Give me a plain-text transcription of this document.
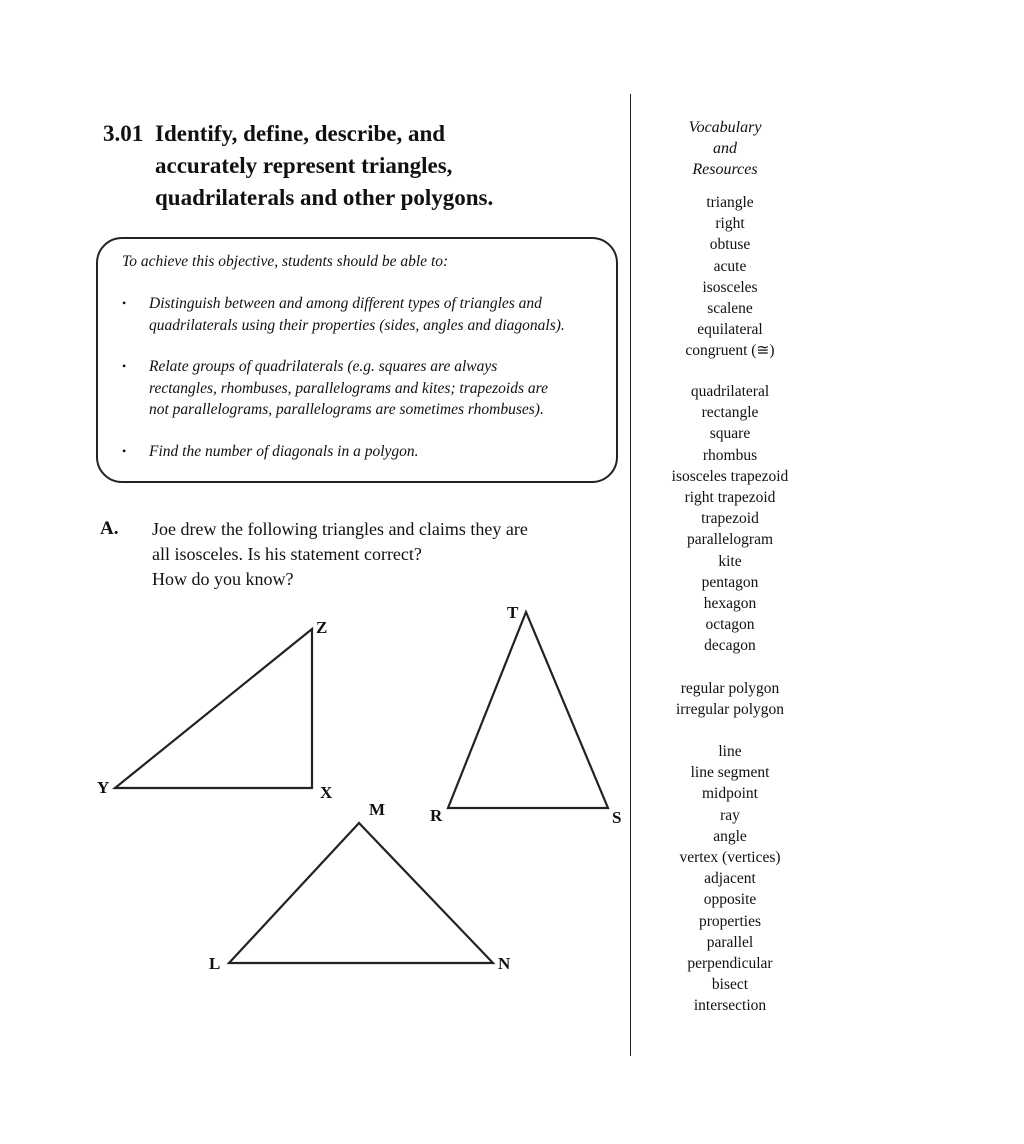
3.01 Identify, define, describe, and
accurately represent triangles,
quadrilaterals and other polygons.

To achieve this objective, students should be able to:

• Distinguish between and among different types of triangles and
quadrilaterals using their properties (sides, angles and diagonals).
• Relate groups of quadrilaterals (e.g. squares are always
rectangles, rhombuses, parallelograms and kites; trapezoids are
not parallelograms, parallelograms are sometimes rhombuses).
• Find the number of diagonals in a polygon.
A. Joe drew the following triangles and claims they are
all isosceles. Is his statement correct?
How do you know?
Z
Y	X
T
R	S
M
L	N
Vocabulary
and
Resources
triangle
right
obtuse
acute
isosceles
scalene
equilateral
congruent (≅)
quadrilateral
rectangle
square
rhombus
isosceles trapezoid
right trapezoid
trapezoid
parallelogram
kite
pentagon
hexagon
octagon
decagon
regular polygon
irregular polygon
line
line segment
midpoint
ray
angle
vertex (vertices)
adjacent
opposite
properties
parallel
perpendicular
bisect
intersection
